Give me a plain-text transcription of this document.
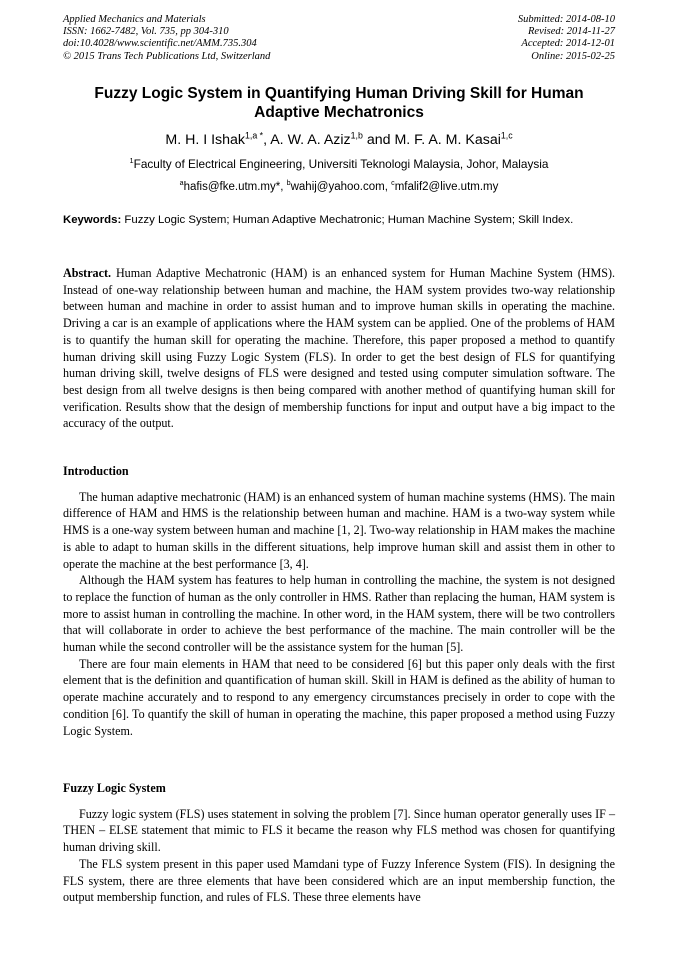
Applied Mechanics and Materials
ISSN: 1662-7482, Vol. 735, pp 304-310
doi:10.4028/www.scientific.net/AMM.735.304
© 2015 Trans Tech Publications Ltd, Switzerland
Submitted: 2014-08-10
Revised: 2014-11-27
Accepted: 2014-12-01
Online: 2015-02-25
Fuzzy Logic System in Quantifying Human Driving Skill for Human Adaptive Mechatronics
M. H. I Ishak$^{1,a *}$, A. W. A. Aziz$^{1,b}$ and M. F. A. M. Kasai$^{1,c}$
$^1$Faculty of Electrical Engineering, Universiti Teknologi Malaysia, Johor, Malaysia
$^a$hafis@fke.utm.my*, $^b$wahij@yahoo.com, $^c$mfalif2@live.utm.my
Keywords: Fuzzy Logic System; Human Adaptive Mechatronic; Human Machine System; Skill Index.

Abstract. Human Adaptive Mechatronic (HAM) is an enhanced system for Human Machine System (HMS). Instead of one-way relationship between human and machine, the HAM system provides two-way relationship between human and machine in order to assist human and to improve human skills in operating the machine. Driving a car is an example of applications where the HAM system can be applied. One of the problems of HAM is to quantify the human skill for operating the machine. Therefore, this paper proposed a method to quantify human driving skill using Fuzzy Logic System (FLS). In order to get the best design of FLS for quantifying human driving skill, twelve designs of FLS were designed and tested using computer simulation software. The best design from all twelve designs is then being compared with another method of quantifying human skill for verification. Results show that the design of membership functions for input and output have a big impact to the accuracy of the output.

Introduction

The human adaptive mechatronic (HAM) is an enhanced system of human machine systems (HMS). The main difference of HAM and HMS is the relationship between human and machine. HAM is a two-way system while HMS is a one-way system between human and machine [1, 2]. Two-way relationship in HAM makes the machine is able to adapt to human skills in the different situations, help improve human skill and assist them in other to operate the machine at the best performance [3, 4].

Although the HAM system has features to help human in controlling the machine, the system is not designed to replace the function of human as the only controller in HMS. Rather than replacing the human, HAM system is more to assist human in controlling the machine. In other word, in the HAM system, there will be two controllers that will collaborate in order to achieve the best performance of the machine. The main controller will be the human while the second controller will be the assistance system for the human [5].

There are four main elements in HAM that need to be considered [6] but this paper only deals with the first element that is the definition and quantification of human skill. Skill in HAM is defined as the ability of human to operate machine accurately and to respond to any emergency circumstances precisely in order to cope with the condition [6]. To quantify the skill of human in operating the machine, this paper proposed a method using Fuzzy Logic System.

Fuzzy Logic System

Fuzzy logic system (FLS) uses statement in solving the problem [7]. Since human operator generally uses IF – THEN – ELSE statement that mimic to FLS it became the reason why FLS method was chosen for quantifying human driving skill.

The FLS system present in this paper used Mamdani type of Fuzzy Inference System (FIS). In designing the FLS system, there are three elements that have been considered which are an input membership function, the output membership function, and rules of FLS. These three elements have
